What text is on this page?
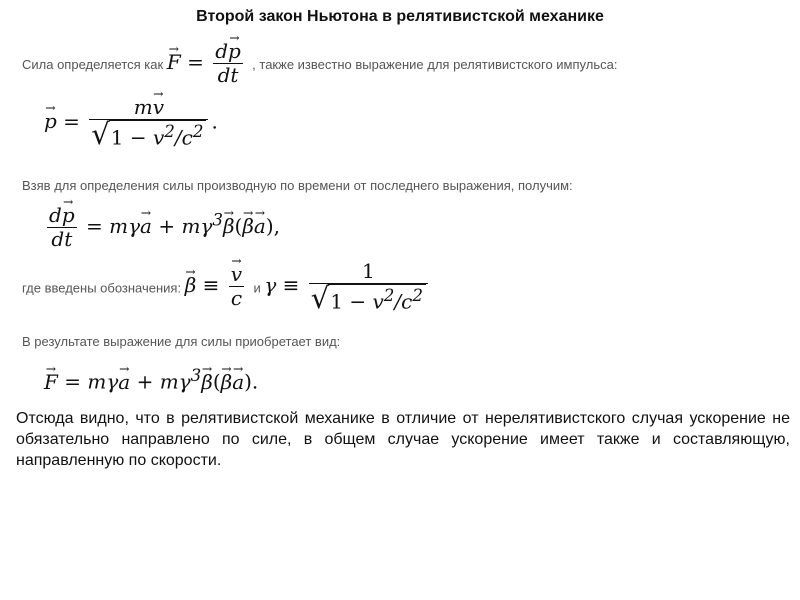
Второй закон Ньютона в релятивистской механике
Сила определяется как F → = $\frac{dp \to}{dt}$ , также известно выражение для релятивистского импульса:
p → = $\frac{mv \to}{√ 1 - v^2/c^2}$ .
Взяв для определения силы производную по времени от последнего выражения, получим:
$\frac{dp \to}{dt} = m\gamma a$ → + $m\gamma^3\beta \to(\beta \to a$ →),
где введены обозначения: β → ≡ $\frac{v \to}{c}$ и $\gamma \equiv \frac{1}{√ 1 - v^2/c^2}$
В результате выражение для силы приобретает вид:
F → = mγa → + $m\gamma^3\beta \to(\beta \to a$ →).
Отсюда видно, что в релятивистской механике в отличие от нерелятивистского случая ускорение не обязательно направлено по силе, в общем случае ускорение имеет также и составляющую, направленную по скорости.
